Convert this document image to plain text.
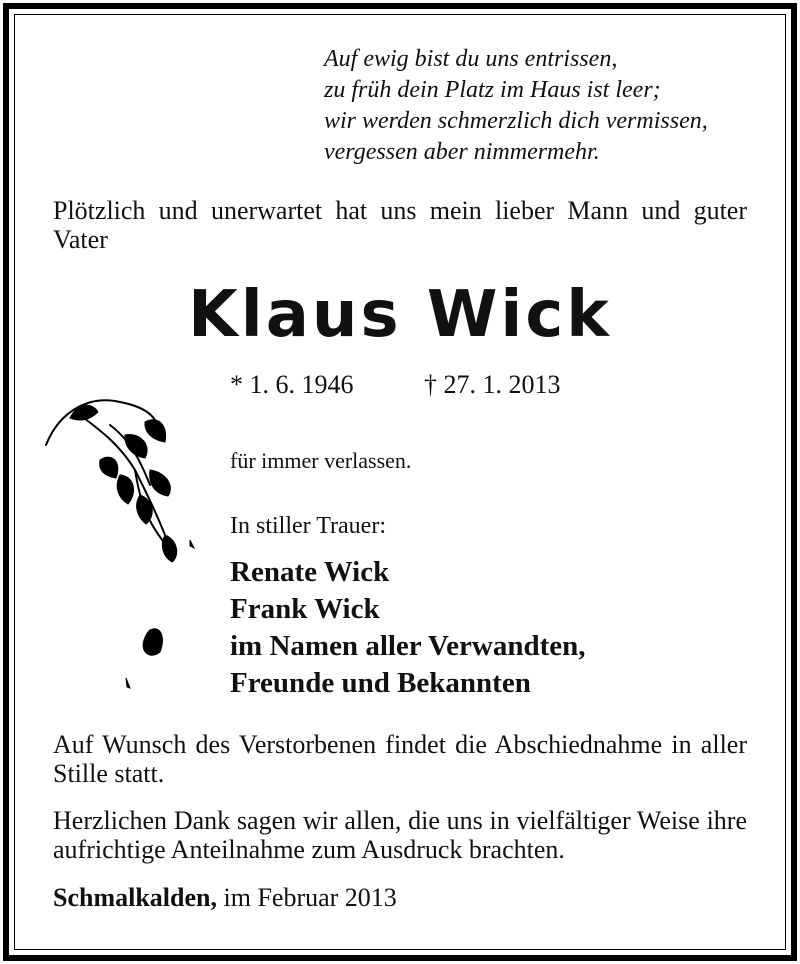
Auf ewig bist du uns entrissen,
zu früh dein Platz im Haus ist leer;
wir werden schmerzlich dich vermissen,
vergessen aber nimmermehr.
Plötzlich und unerwartet hat uns mein lieber Mann und guter Vater
Klaus Wick
* 1. 6. 1946	† 27. 1. 2013
für immer verlassen.
In stiller Trauer:
Renate Wick
Frank Wick
im Namen aller Verwandten,
Freunde und Bekannten
Auf Wunsch des Verstorbenen findet die Abschiednahme in aller Stille statt.
Herzlichen Dank sagen wir allen, die uns in vielfältiger Weise ihre aufrichtige Anteilnahme zum Ausdruck brachten.
Schmalkalden, im Februar 2013
